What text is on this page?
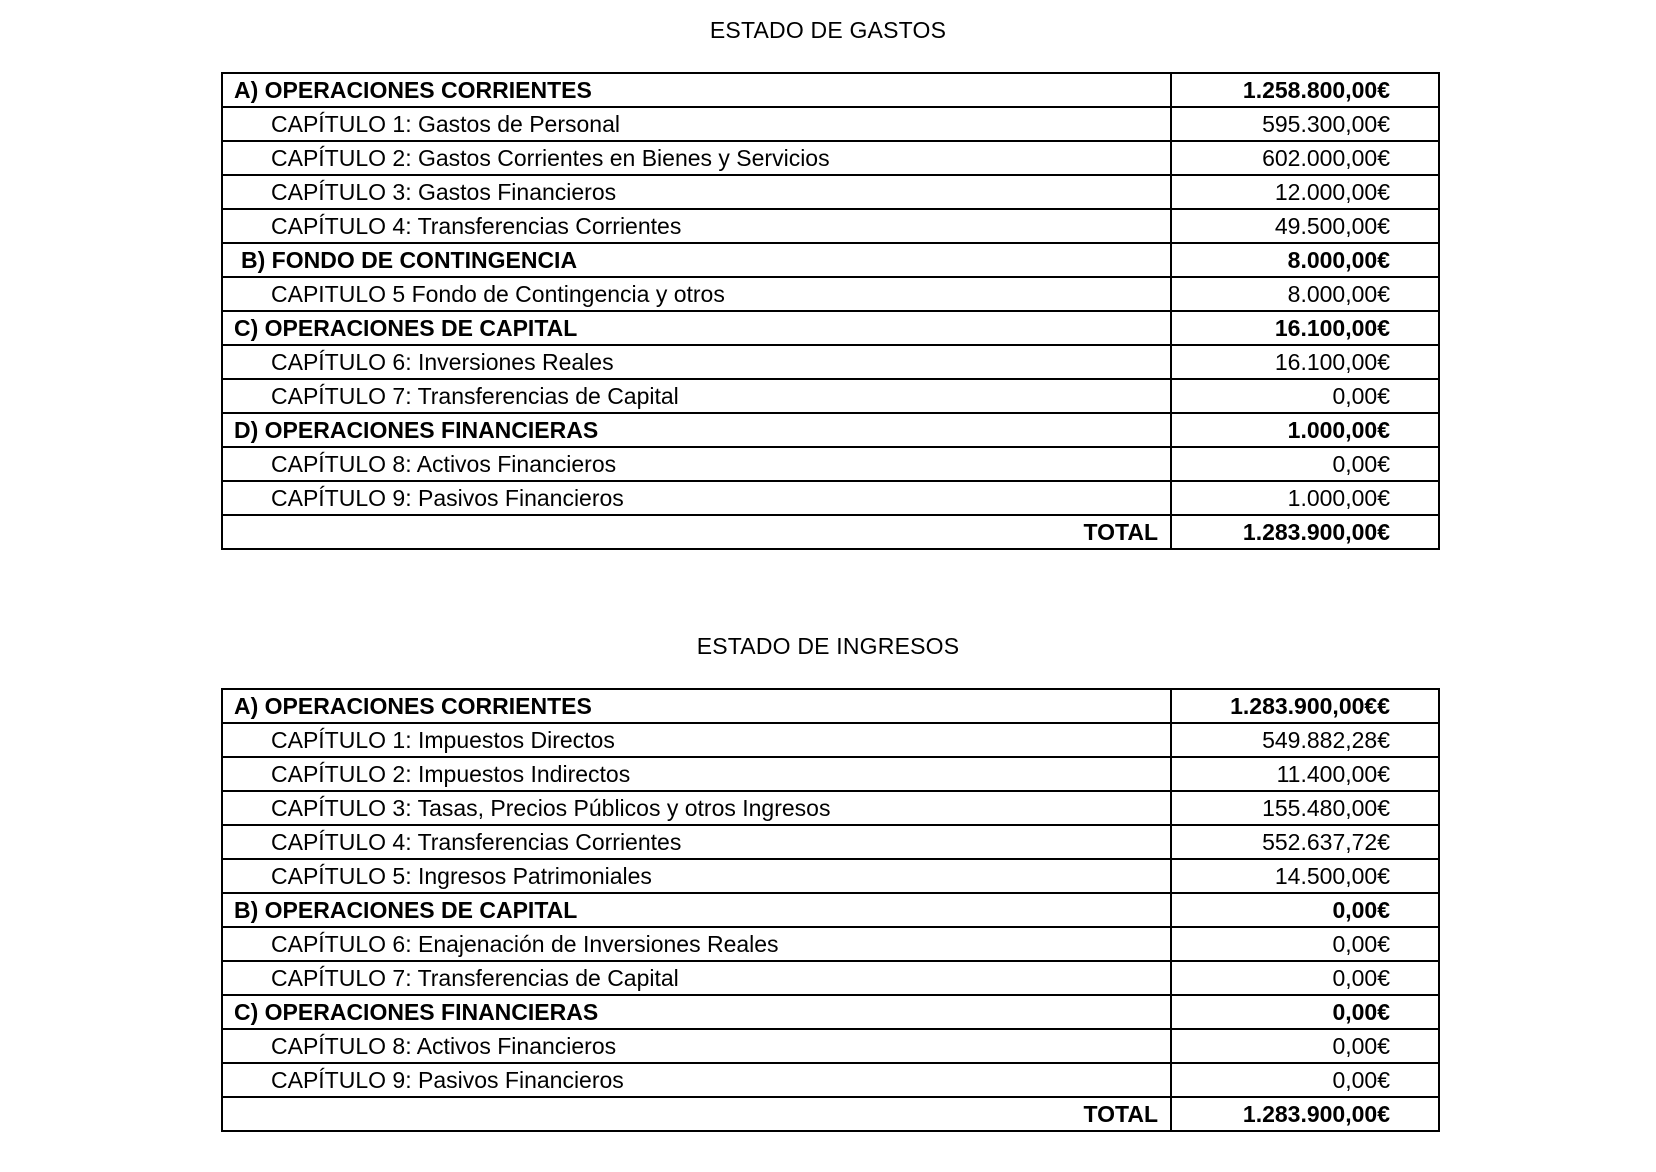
ESTADO DE GASTOS
A) OPERACIONES CORRIENTES	1.258.800,00€
CAPÍTULO 1: Gastos de Personal	595.300,00€
CAPÍTULO 2: Gastos Corrientes en Bienes y Servicios	602.000,00€
CAPÍTULO 3: Gastos Financieros	12.000,00€
CAPÍTULO 4: Transferencias Corrientes	49.500,00€
B) FONDO DE CONTINGENCIA	8.000,00€
CAPITULO 5 Fondo de Contingencia y otros	8.000,00€
C) OPERACIONES DE CAPITAL	16.100,00€
CAPÍTULO 6: Inversiones Reales	16.100,00€
CAPÍTULO 7: Transferencias de Capital	0,00€
D) OPERACIONES FINANCIERAS	1.000,00€
CAPÍTULO 8: Activos Financieros	0,00€
CAPÍTULO 9: Pasivos Financieros	1.000,00€
TOTAL	1.283.900,00€
ESTADO DE INGRESOS
A) OPERACIONES CORRIENTES	1.283.900,00€€
CAPÍTULO 1: Impuestos Directos	549.882,28€
CAPÍTULO 2: Impuestos Indirectos	11.400,00€
CAPÍTULO 3: Tasas, Precios Públicos y otros Ingresos	155.480,00€
CAPÍTULO 4: Transferencias Corrientes	552.637,72€
CAPÍTULO 5: Ingresos Patrimoniales	14.500,00€
B) OPERACIONES DE CAPITAL	0,00€
CAPÍTULO 6: Enajenación de Inversiones Reales	0,00€
CAPÍTULO 7: Transferencias de Capital	0,00€
C) OPERACIONES FINANCIERAS	0,00€
CAPÍTULO 8: Activos Financieros	0,00€
CAPÍTULO 9: Pasivos Financieros	0,00€
TOTAL	1.283.900,00€
